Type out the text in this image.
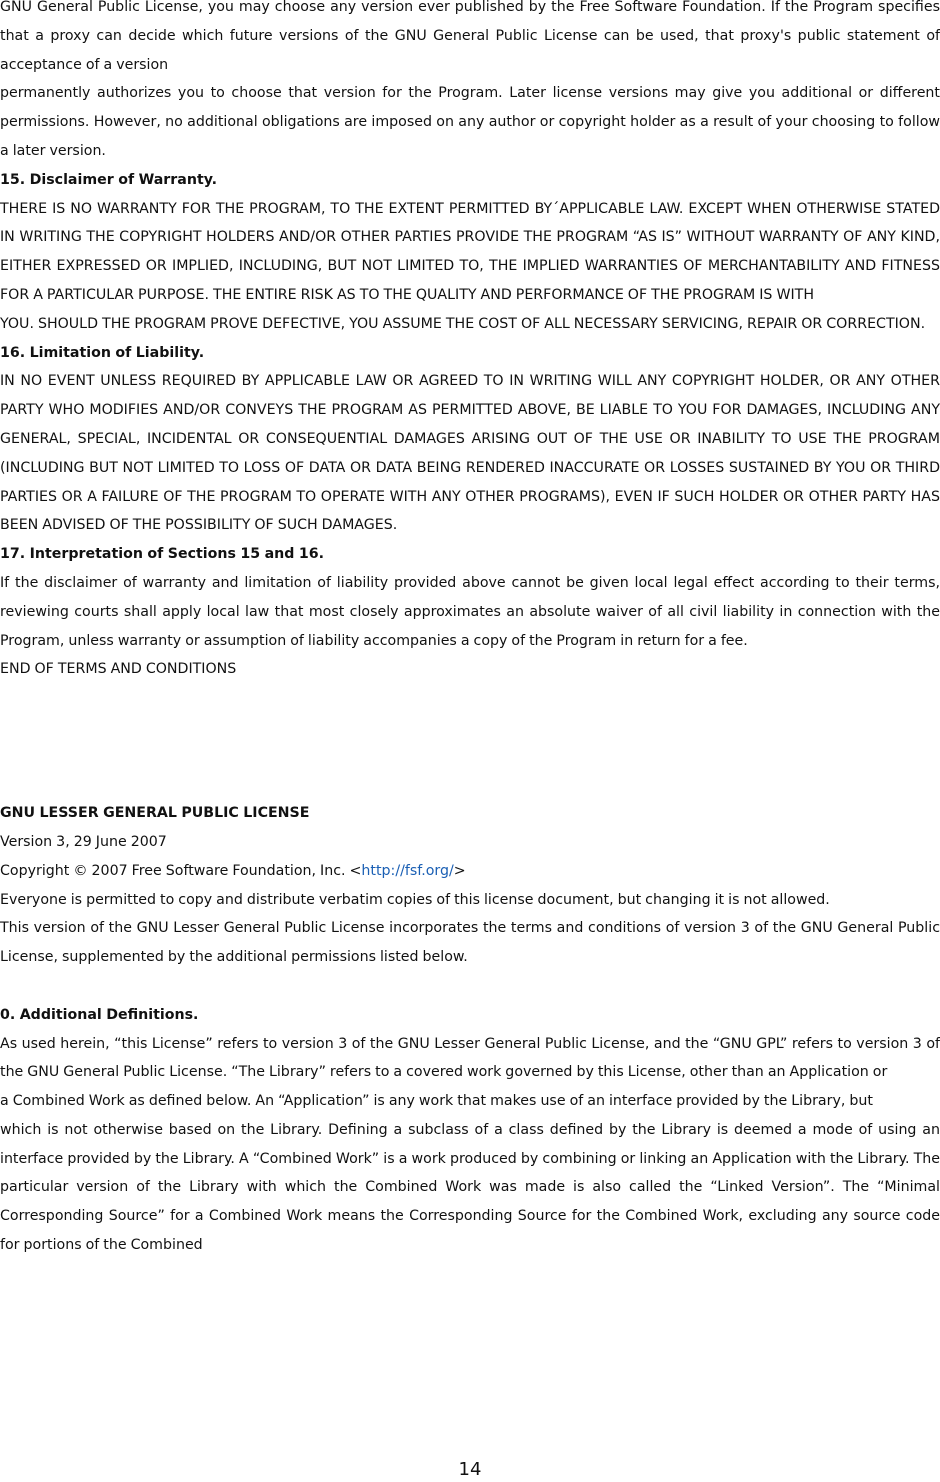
GNU General Public License, you may choose any version ever published by the Free Software Foundation. If the Program specifies that a proxy can decide which future versions of the GNU General Public License can be used, that proxy's public statement of acceptance of a version

permanently authorizes you to choose that version for the Program. Later license versions may give you additional or different permissions. However, no additional obligations are imposed on any author or copyright holder as a result of your choosing to follow a later version.

15. Disclaimer of Warranty.

THERE IS NO WARRANTY FOR THE PROGRAM, TO THE EXTENT PERMITTED BY´APPLICABLE LAW. EXCEPT WHEN OTHERWISE STATED IN WRITING THE COPYRIGHT HOLDERS AND/OR OTHER PARTIES PROVIDE THE PROGRAM “AS IS” WITHOUT WARRANTY OF ANY KIND, EITHER EXPRESSED OR IMPLIED, INCLUDING, BUT NOT LIMITED TO, THE IMPLIED WARRANTIES OF MERCHANTABILITY AND FITNESS FOR A PARTICULAR PURPOSE. THE ENTIRE RISK AS TO THE QUALITY AND PERFORMANCE OF THE PROGRAM IS WITH

YOU. SHOULD THE PROGRAM PROVE DEFECTIVE, YOU ASSUME THE COST OF ALL NECESSARY SERVICING, REPAIR OR CORRECTION.

16. Limitation of Liability.

IN NO EVENT UNLESS REQUIRED BY APPLICABLE LAW OR AGREED TO IN WRITING WILL ANY COPYRIGHT HOLDER, OR ANY OTHER PARTY WHO MODIFIES AND/OR CONVEYS THE PROGRAM AS PERMITTED ABOVE, BE LIABLE TO YOU FOR DAMAGES, INCLUDING ANY GENERAL, SPECIAL, INCIDENTAL OR CONSEQUENTIAL DAMAGES ARISING OUT OF THE USE OR INABILITY TO USE THE PROGRAM (INCLUDING BUT NOT LIMITED TO LOSS OF DATA OR DATA BEING RENDERED INACCURATE OR LOSSES SUSTAINED BY YOU OR THIRD PARTIES OR A FAILURE OF THE PROGRAM TO OPERATE WITH ANY OTHER PROGRAMS), EVEN IF SUCH HOLDER OR OTHER PARTY HAS BEEN ADVISED OF THE POSSIBILITY OF SUCH DAMAGES.

17. Interpretation of Sections 15 and 16.

If the disclaimer of warranty and limitation of liability provided above cannot be given local legal effect according to their terms, reviewing courts shall apply local law that most closely approximates an absolute waiver of all civil liability in connection with the Program, unless warranty or assumption of liability accompanies a copy of the Program in return for a fee.

END OF TERMS AND CONDITIONS

GNU LESSER GENERAL PUBLIC LICENSE

Version 3, 29 June 2007

Copyright © 2007 Free Software Foundation, Inc. <http://fsf.org/>

Everyone is permitted to copy and distribute verbatim copies of this license document, but changing it is not allowed.

This version of the GNU Lesser General Public License incorporates the terms and conditions of version 3 of the GNU General Public License, supplemented by the additional permissions listed below.

0. Additional Definitions.

As used herein, “this License” refers to version 3 of the GNU Lesser General Public License, and the “GNU GPL” refers to version 3 of the GNU General Public License. “The Library” refers to a covered work governed by this License, other than an Application or

a Combined Work as defined below. An “Application” is any work that makes use of an interface provided by the Library, but

which is not otherwise based on the Library. Defining a subclass of a class defined by the Library is deemed a mode of using an interface provided by the Library. A “Combined Work” is a work produced by combining or linking an Application with the Library. The particular version of the Library with which the Combined Work was made is also called the “Linked Version”. The “Minimal Corresponding Source” for a Combined Work means the Corresponding Source for the Combined Work, excluding any source code for portions of the Combined

14
